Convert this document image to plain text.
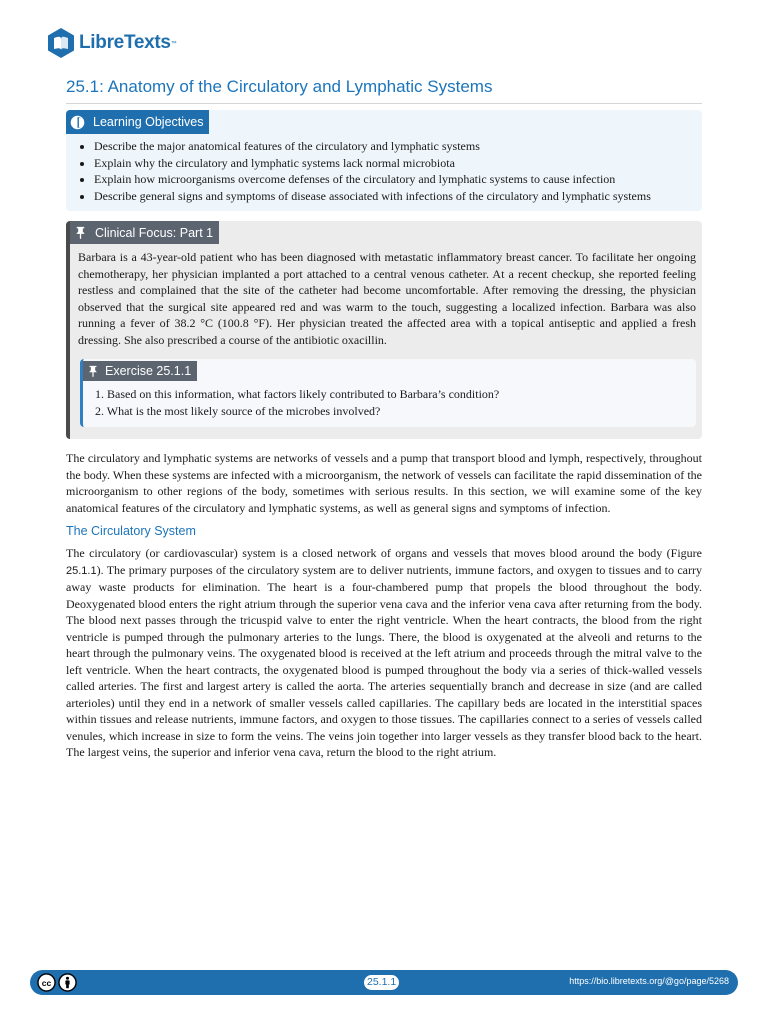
LibreTexts™
25.1: Anatomy of the Circulatory and Lymphatic Systems
Learning Objectives
• Describe the major anatomical features of the circulatory and lymphatic systems
• Explain why the circulatory and lymphatic systems lack normal microbiota
• Explain how microorganisms overcome defenses of the circulatory and lymphatic systems to cause infection
• Describe general signs and symptoms of disease associated with infections of the circulatory and lymphatic systems
Clinical Focus: Part 1

Barbara is a 43-year-old patient who has been diagnosed with metastatic inflammatory breast cancer. To facilitate her ongoing chemotherapy, her physician implanted a port attached to a central venous catheter. At a recent checkup, she reported feeling restless and complained that the site of the catheter had become uncomfortable. After removing the dressing, the physician observed that the surgical site appeared red and was warm to the touch, suggesting a localized infection. Barbara was also running a fever of 38.2 °C (100.8 °F). Her physician treated the affected area with a topical antiseptic and applied a fresh dressing. She also prescribed a course of the antibiotic oxacillin.

Exercise 25.1.1
1. Based on this information, what factors likely contributed to Barbara’s condition?
2. What is the most likely source of the microbes involved?

The circulatory and lymphatic systems are networks of vessels and a pump that transport blood and lymph, respectively, throughout the body. When these systems are infected with a microorganism, the network of vessels can facilitate the rapid dissemination of the microorganism to other regions of the body, sometimes with serious results. In this section, we will examine some of the key anatomical features of the circulatory and lymphatic systems, as well as general signs and symptoms of infection.

The Circulatory System

The circulatory (or cardiovascular) system is a closed network of organs and vessels that moves blood around the body (Figure 25.1.1). The primary purposes of the circulatory system are to deliver nutrients, immune factors, and oxygen to tissues and to carry away waste products for elimination. The heart is a four-chambered pump that propels the blood throughout the body. Deoxygenated blood enters the right atrium through the superior vena cava and the inferior vena cava after returning from the body. The blood next passes through the tricuspid valve to enter the right ventricle. When the heart contracts, the blood from the right ventricle is pumped through the pulmonary arteries to the lungs. There, the blood is oxygenated at the alveoli and returns to the heart through the pulmonary veins. The oxygenated blood is received at the left atrium and proceeds through the mitral valve to the left ventricle. When the heart contracts, the oxygenated blood is pumped throughout the body via a series of thick-walled vessels called arteries. The first and largest artery is called the aorta. The arteries sequentially branch and decrease in size (and are called arterioles) until they end in a network of smaller vessels called capillaries. The capillary beds are located in the interstitial spaces within tissues and release nutrients, immune factors, and oxygen to those tissues. The capillaries connect to a series of vessels called venules, which increase in size to form the veins. The veins join together into larger vessels as they transfer blood back to the heart. The largest veins, the superior and inferior vena cava, return the blood to the right atrium.

cc	25.1.1	https://bio.libretexts.org/@go/page/5268
